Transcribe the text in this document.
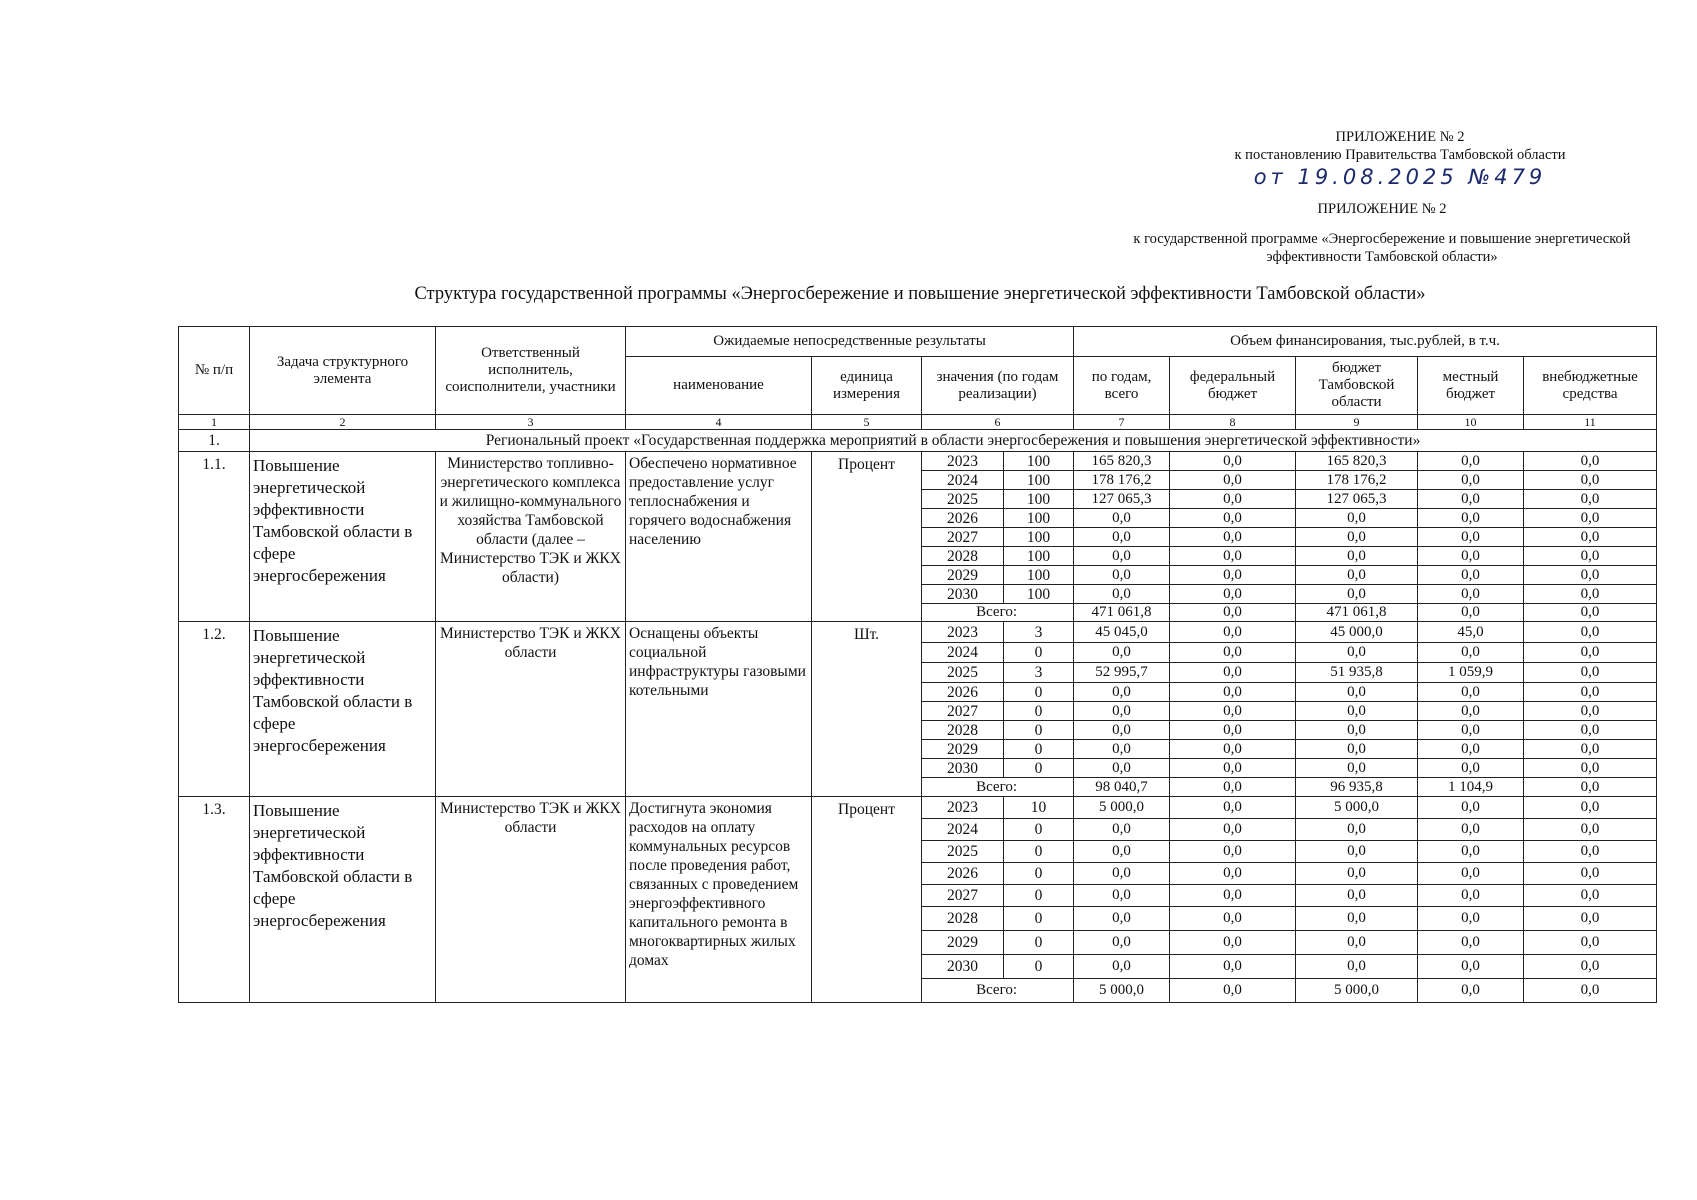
ПРИЛОЖЕНИЕ № 2
к постановлению Правительства Тамбовской области
от 19.08.2025 №479
ПРИЛОЖЕНИЕ № 2
к государственной программе «Энергосбережение и повышение энергетической
эффективности Тамбовской области»
Структура государственной программы «Энергосбережение и повышение энергетической эффективности Тамбовской области»
№ п/п	Задача структурного элемента	Ответственный исполнитель, соисполнители, участники	Ожидаемые непосредственные результаты				Объем финансирования, тыс.рублей, в т.ч.				
			наименование	единица измерения	значения (по годам реализации)		по годам, всего	федеральный бюджет	бюджет Тамбовской области	местный бюджет	внебюджетные средства
1	2	3	4	5	6		7	8	9	10	11
1.	Региональный проект «Государственная поддержка мероприятий в области энергосбережения и повышения энергетической эффективности»										
1.1.	Повышение энергетической эффективности Тамбовской области в сфере энергосбережения	Министерство топливно-энергетического комплекса и жилищно-коммунального хозяйства Тамбовской области (далее – Министерство ТЭК и ЖКХ области)	Обеспечено нормативное предоставление услуг теплоснабжения и горячего водоснабжения населению	Процент	2023	100	165 820,3	0,0	165 820,3	0,0	0,0
					2024	100	178 176,2	0,0	178 176,2	0,0	0,0
					2025	100	127 065,3	0,0	127 065,3	0,0	0,0
					2026	100	0,0	0,0	0,0	0,0	0,0
					2027	100	0,0	0,0	0,0	0,0	0,0
					2028	100	0,0	0,0	0,0	0,0	0,0
					2029	100	0,0	0,0	0,0	0,0	0,0
					2030	100	0,0	0,0	0,0	0,0	0,0
					Всего:		471 061,8	0,0	471 061,8	0,0	0,0
1.2.	Повышение энергетической эффективности Тамбовской области в сфере энергосбережения	Министерство ТЭК и ЖКХ области	Оснащены объекты социальной инфраструктуры газовыми котельными	Шт.	2023	3	45 045,0	0,0	45 000,0	45,0	0,0
					2024	0	0,0	0,0	0,0	0,0	0,0
					2025	3	52 995,7	0,0	51 935,8	1 059,9	0,0
					2026	0	0,0	0,0	0,0	0,0	0,0
					2027	0	0,0	0,0	0,0	0,0	0,0
					2028	0	0,0	0,0	0,0	0,0	0,0
					2029	0	0,0	0,0	0,0	0,0	0,0
					2030	0	0,0	0,0	0,0	0,0	0,0
					Всего:		98 040,7	0,0	96 935,8	1 104,9	0,0
1.3.	Повышение энергетической эффективности Тамбовской области в сфере энергосбережения	Министерство ТЭК и ЖКХ области	Достигнута экономия расходов на оплату коммунальных ресурсов после проведения работ, связанных с проведением энергоэффективного капитального ремонта в многоквартирных жилых домах	Процент	2023	10	5 000,0	0,0	5 000,0	0,0	0,0
					2024	0	0,0	0,0	0,0	0,0	0,0
					2025	0	0,0	0,0	0,0	0,0	0,0
					2026	0	0,0	0,0	0,0	0,0	0,0
					2027	0	0,0	0,0	0,0	0,0	0,0
					2028	0	0,0	0,0	0,0	0,0	0,0
					2029	0	0,0	0,0	0,0	0,0	0,0
					2030	0	0,0	0,0	0,0	0,0	0,0
					Всего:		5 000,0	0,0	5 000,0	0,0	0,0
